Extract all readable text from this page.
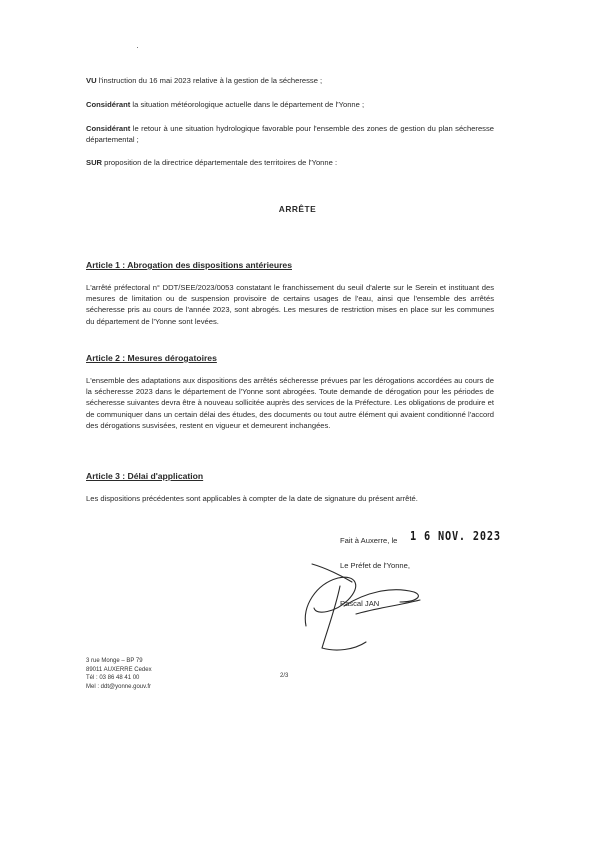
VU l'instruction du 16 mai 2023 relative à la gestion de la sécheresse ;

Considérant la situation météorologique actuelle dans le département de l'Yonne ;

Considérant le retour à une situation hydrologique favorable pour l'ensemble des zones de gestion du plan sécheresse départemental ;

SUR proposition de la directrice départementale des territoires de l'Yonne :

ARRÊTE

Article 1 : Abrogation des dispositions antérieures

L'arrêté préfectoral n° DDT/SEE/2023/0053 constatant le franchissement du seuil d'alerte sur le Serein et instituant des mesures de limitation ou de suspension provisoire de certains usages de l'eau, ainsi que l'ensemble des arrêtés sécheresse pris au cours de l'année 2023, sont abrogés. Les mesures de restriction mises en place sur les communes du département de l'Yonne sont levées.

Article 2 : Mesures dérogatoires

L'ensemble des adaptations aux dispositions des arrêtés sécheresse prévues par les dérogations accordées au cours de la sécheresse 2023 dans le département de l'Yonne sont abrogées. Toute demande de dérogation pour les périodes de sécheresse suivantes devra être à nouveau sollicitée auprès des services de la Préfecture. Les obligations de produire et de communiquer dans un certain délai des études, des documents ou tout autre élément qui avaient conditionné l'accord des dérogations susvisées, restent en vigueur et demeurent inchangées.

Article 3 : Délai d'application

Les dispositions précédentes sont applicables à compter de la date de signature du présent arrêté.

Fait à Auxerre, le 1 6 NOV. 2023

Le Préfet de l'Yonne,

Pascal JAN

3 rue Monge – BP 79
89011 AUXERRE Cedex
Tél : 03 86 48 41 00
Mel : ddt@yonne.gouv.fr
2/3
